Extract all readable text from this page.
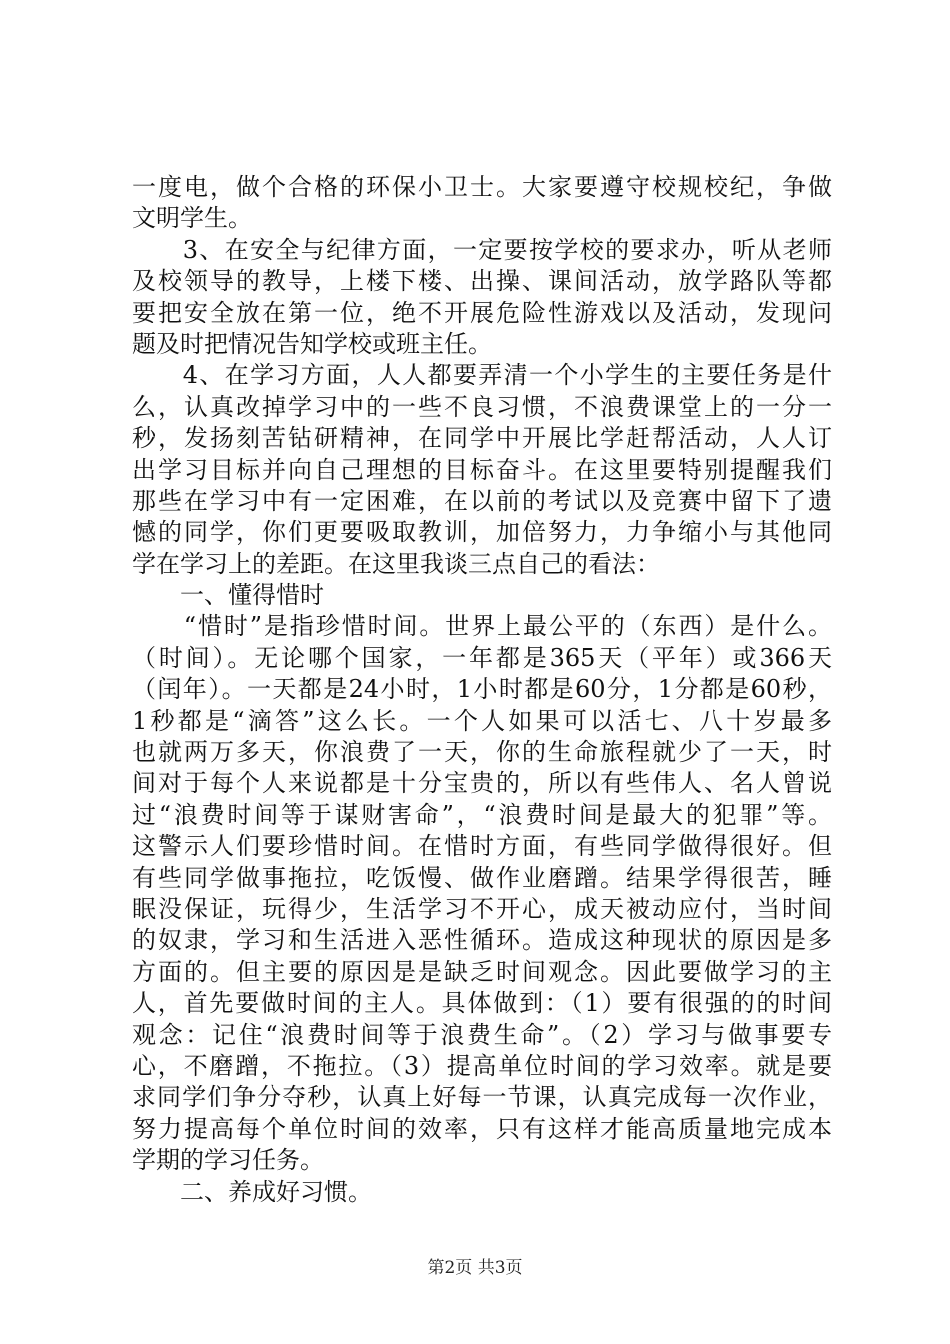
一度电，做个合格的环保小卫士。大家要遵守校规校纪，争做
文明学生。
　　3、在安全与纪律方面，一定要按学校的要求办，听从老师
及校领导的教导，上楼下楼、出操、课间活动，放学路队等都
要把安全放在第一位，绝不开展危险性游戏以及活动，发现问
题及时把情况告知学校或班主任。
　　4、在学习方面，人人都要弄清一个小学生的主要任务是什
么，认真改掉学习中的一些不良习惯，不浪费课堂上的一分一
秒，发扬刻苦钻研精神，在同学中开展比学赶帮活动，人人订
出学习目标并向自己理想的目标奋斗。在这里要特别提醒我们
那些在学习中有一定困难，在以前的考试以及竞赛中留下了遗
憾的同学，你们更要吸取教训，加倍努力，力争缩小与其他同
学在学习上的差距。在这里我谈三点自己的看法：
　　一、懂得惜时
　　“惜时”是指珍惜时间。世界上最公平的（东西）是什么。
（时间）。无论哪个国家，一年都是365天（平年）或366天
（闰年）。一天都是24小时，1小时都是60分，1分都是60秒，
1秒都是“滴答”这么长。一个人如果可以活七、八十岁最多
也就两万多天，你浪费了一天，你的生命旅程就少了一天，时
间对于每个人来说都是十分宝贵的，所以有些伟人、名人曾说
过“浪费时间等于谋财害命”，“浪费时间是最大的犯罪”等。
这警示人们要珍惜时间。在惜时方面，有些同学做得很好。但
有些同学做事拖拉，吃饭慢、做作业磨蹭。结果学得很苦，睡
眠没保证，玩得少，生活学习不开心，成天被动应付，当时间
的奴隶，学习和生活进入恶性循环。造成这种现状的原因是多
方面的。但主要的原因是是缺乏时间观念。因此要做学习的主
人，首先要做时间的主人。具体做到：（1）要有很强的的时间
观念：记住“浪费时间等于浪费生命”。（2）学习与做事要专
心，不磨蹭，不拖拉。（3）提高单位时间的学习效率。就是要
求同学们争分夺秒，认真上好每一节课，认真完成每一次作业，
努力提高每个单位时间的效率，只有这样才能高质量地完成本
学期的学习任务。
　　二、养成好习惯。
第2页 共3页
